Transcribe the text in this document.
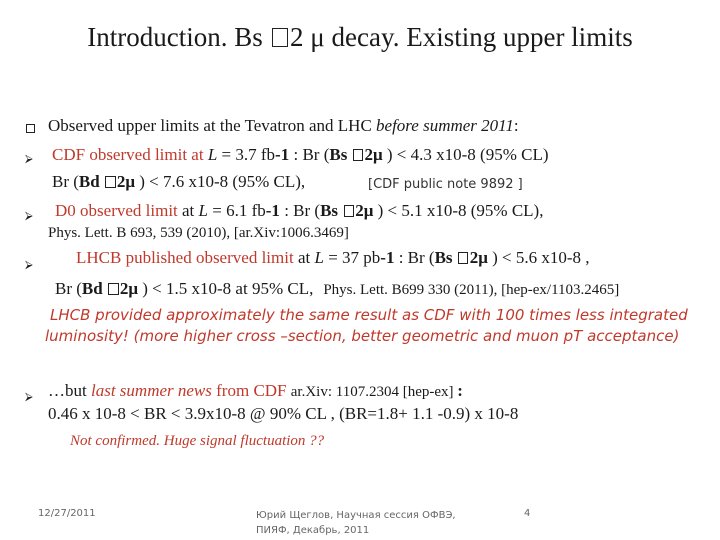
Introduction. Bs 2 μ decay. Existing upper limits
Observed upper limits at the Tevatron and LHC before summer 2011:
⮚ CDF observed limit at L = 3.7 fb-1 : Br (Bs 2μ ) < 4.3 x10-8 (95% CL)
Br (Bd 2μ ) < 7.6 x10-8 (95% CL),	[CDF public note 9892 ]
⮚ D0 observed limit at L = 6.1 fb-1 : Br (Bs 2μ ) < 5.1 x10-8 (95% CL),
Phys. Lett. B 693, 539 (2010), [ar.Xiv:1006.3469]
⮚	LHCB published observed limit at L = 37 pb-1 : Br (Bs 2μ ) < 5.6 x10-8 ,
Br (Bd 2μ ) < 1.5 x10-8 at 95% CL, Phys. Lett. B699 330 (2011), [hep-ex/1103.2465]
LHCB provided approximately the same result as CDF with 100 times less integrated
luminosity! (more higher cross –section, better geometric and muon pT acceptance)
⮚ …but last summer news from CDF ar.Xiv: 1107.2304 [hep-ex] :
0.46 x 10-8 < BR < 3.9x10-8 @ 90% CL , (BR=1.8+ 1.1 -0.9) x 10-8
Not confirmed. Huge signal fluctuation ??
12/27/2011	Юрий Щеглов, Научная сессия ОФВЭ,
ПИЯФ, Декабрь, 2011
4
